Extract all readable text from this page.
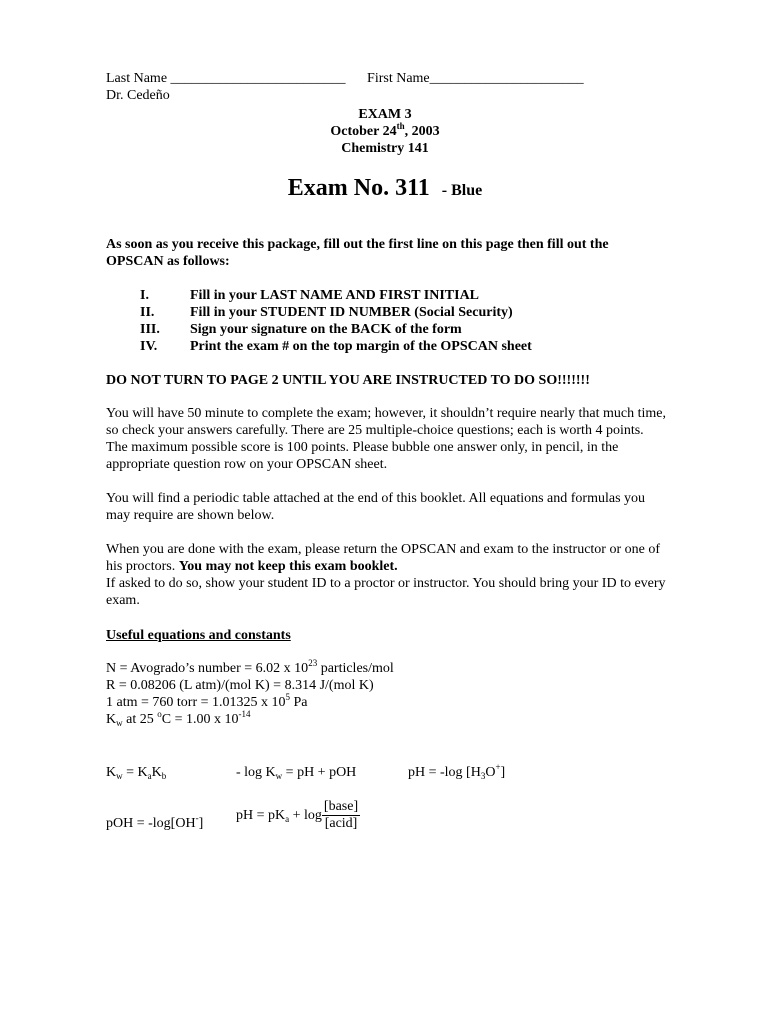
Last Name _________________________ First Name______________________
Dr. Cedeño
EXAM 3
October 24th, 2003
Chemistry 141
Exam No. 311 - Blue
As soon as you receive this package, fill out the first line on this page then fill out the OPSCAN as follows:
I.	Fill in your LAST NAME AND FIRST INITIAL
II.	Fill in your STUDENT ID NUMBER (Social Security)
III. Sign your signature on the BACK of the form
IV. Print the exam # on the top margin of the OPSCAN sheet
DO NOT TURN TO PAGE 2 UNTIL YOU ARE INSTRUCTED TO DO SO!!!!!!!
You will have 50 minute to complete the exam; however, it shouldn’t require nearly that much time, so check your answers carefully. There are 25 multiple-choice questions; each is worth 4 points. The maximum possible score is 100 points. Please bubble one answer only, in pencil, in the appropriate question row on your OPSCAN sheet.
You will find a periodic table attached at the end of this booklet. All equations and formulas you may require are shown below.
When you are done with the exam, please return the OPSCAN and exam to the instructor or one of his proctors. You may not keep this exam booklet.
If asked to do so, show your student ID to a proctor or instructor. You should bring your ID to every exam.
Useful equations and constants
N = Avogrado’s number = 6.02 x $10^{23}$ particles/mol
R = 0.08206 (L atm)/(mol K) = 8.314 J/(mol K)
1 atm = 760 torr = 1.01325 x $10^5$ Pa
$K_w$ at 25 $^o$C = 1.00 x $10^{-14}$
$K_w = K_aK_b$	- $\log K_w$ = pH + pOH	pH = -log $[H_3O^+]$
pOH = -log[OH-]
pH = $pK_a + \log \frac{\text{[base]}}{\text{[acid]}}$
